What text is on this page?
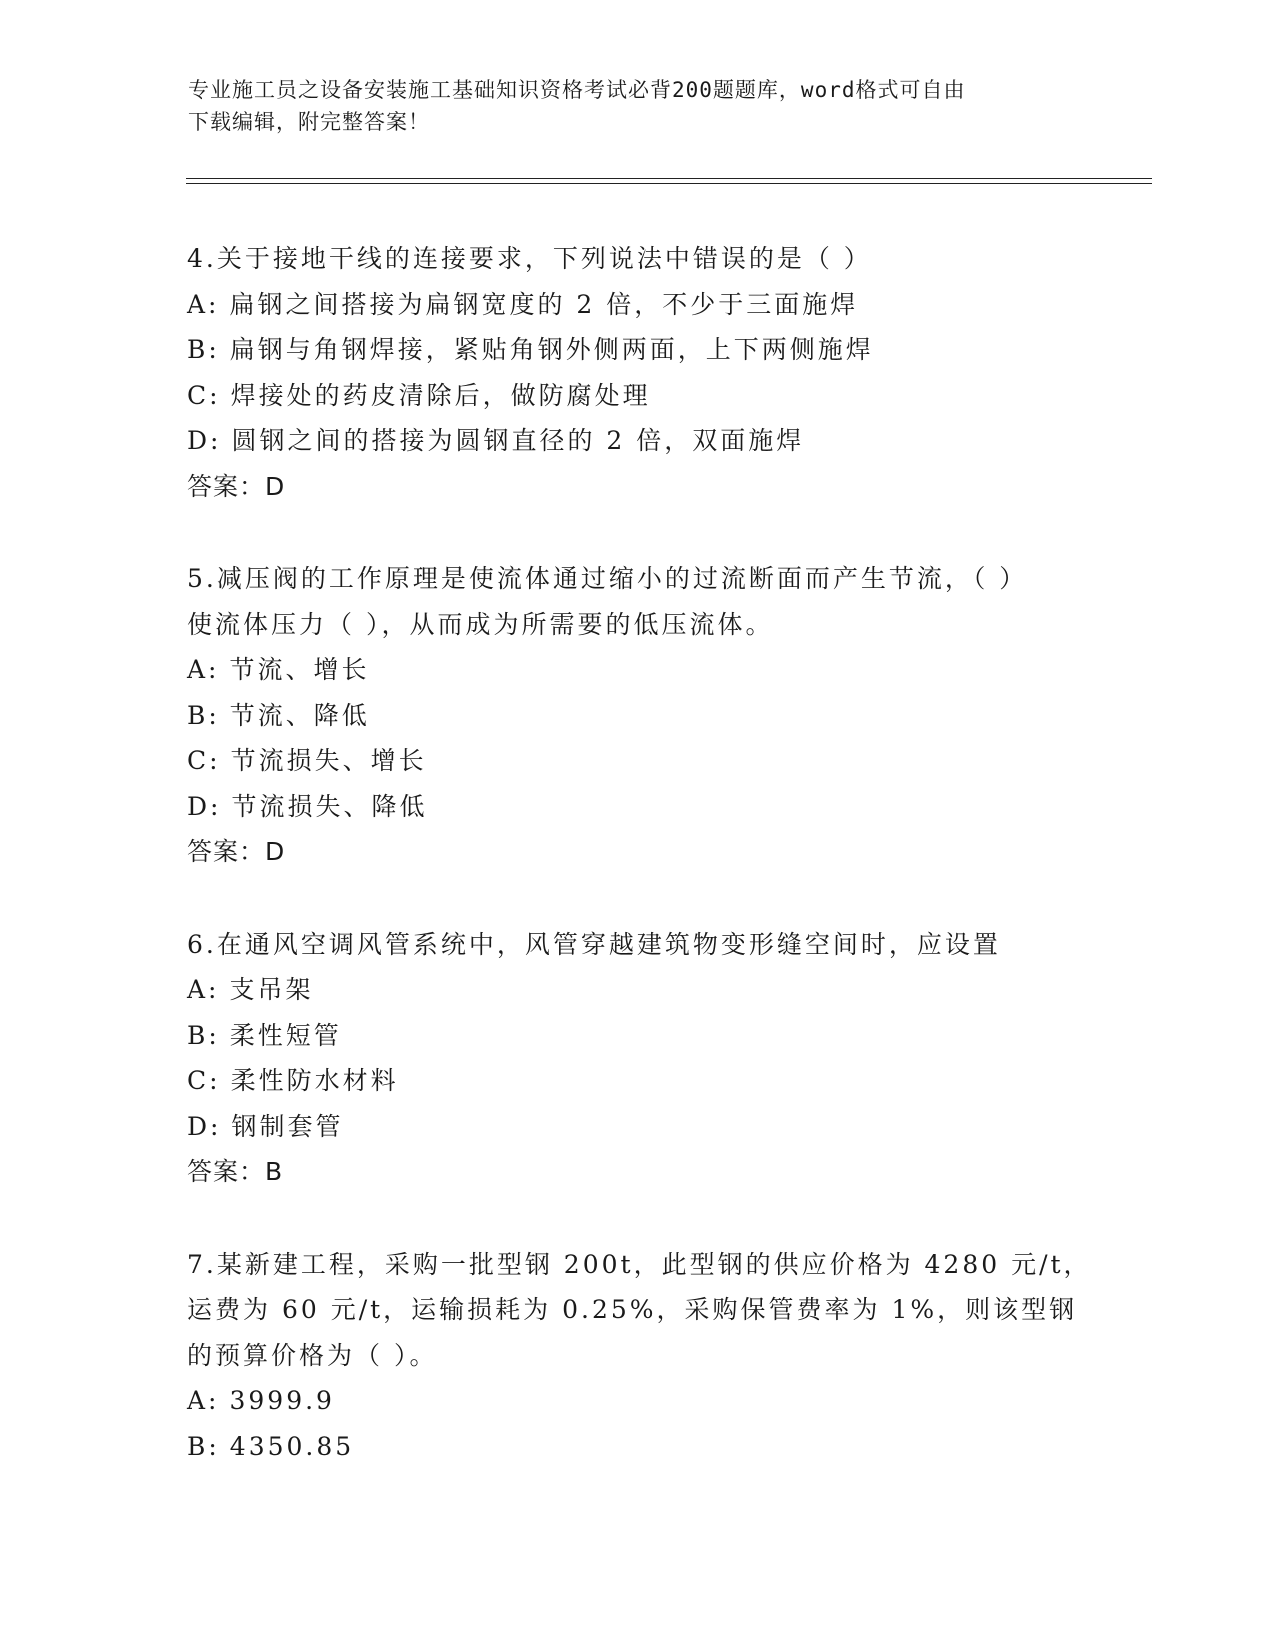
专业施工员之设备安装施工基础知识资格考试必背200题题库，word格式可自由
下载编辑，附完整答案！
4.关于接地干线的连接要求，下列说法中错误的是（ ）
A: 扁钢之间搭接为扁钢宽度的 2 倍，不少于三面施焊
B: 扁钢与角钢焊接，紧贴角钢外侧两面，上下两侧施焊
C: 焊接处的药皮清除后，做防腐处理
D: 圆钢之间的搭接为圆钢直径的 2 倍，双面施焊
答案：D
5.减压阀的工作原理是使流体通过缩小的过流断面而产生节流，（ ）
使流体压力（ ），从而成为所需要的低压流体。
A: 节流、增长
B: 节流、降低
C: 节流损失、增长
D: 节流损失、降低
答案：D
6.在通风空调风管系统中，风管穿越建筑物变形缝空间时，应设置
A: 支吊架
B: 柔性短管
C: 柔性防水材料
D: 钢制套管
答案：B
7.某新建工程，采购一批型钢 200t，此型钢的供应价格为 4280 元/t，
运费为 60 元/t，运输损耗为 0.25%，采购保管费率为 1%，则该型钢
的预算价格为（ ）。
A: 3999.9
B: 4350.85
